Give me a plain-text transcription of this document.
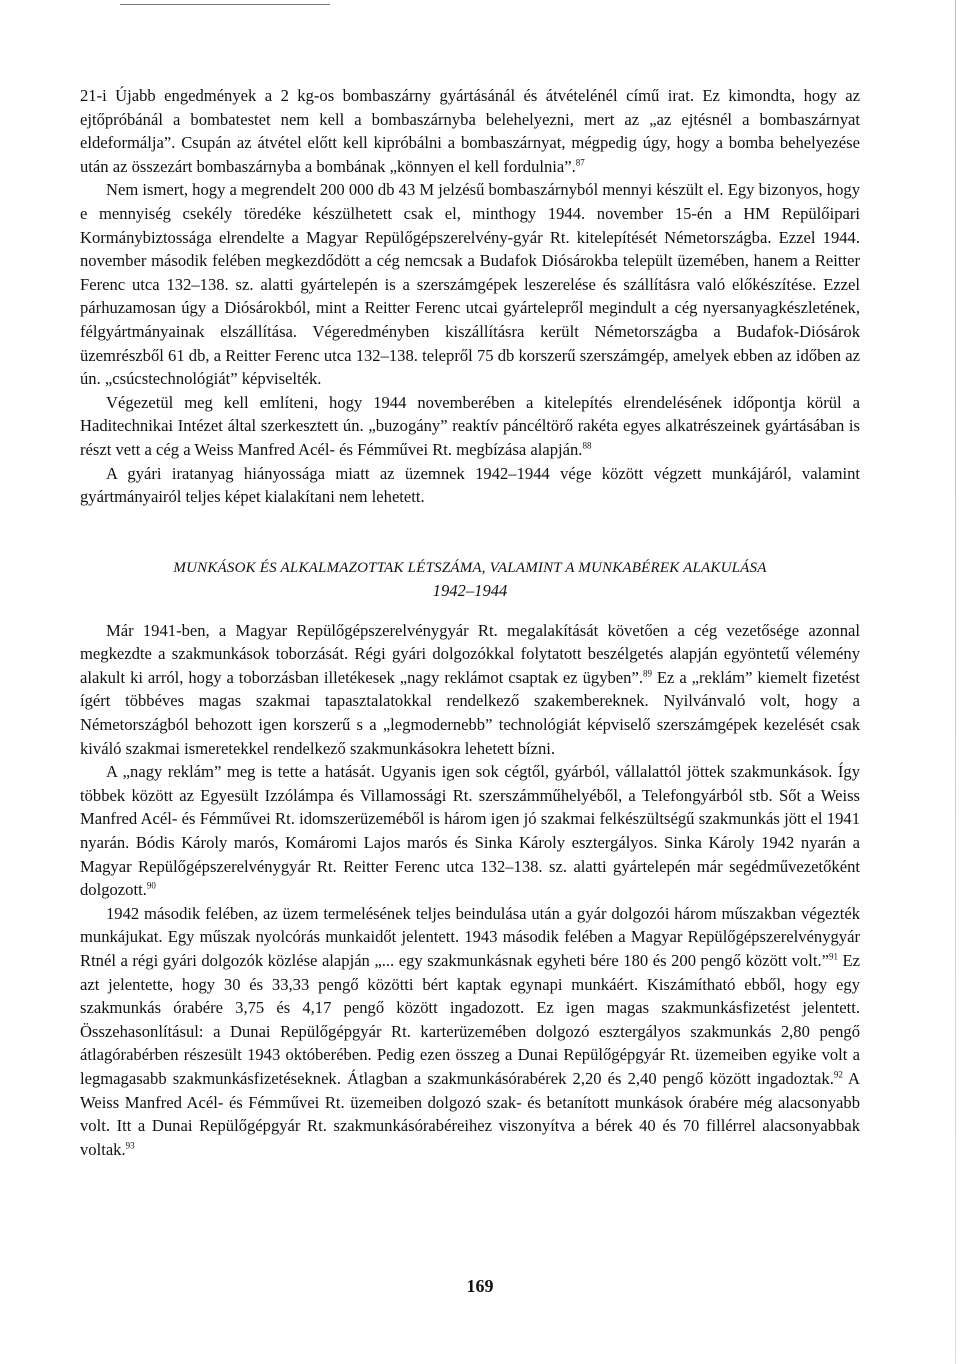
21-i Újabb engedmények a 2 kg-os bombaszárny gyártásánál és átvételénél című irat. Ez kimondta, hogy az ejtőpróbánál a bombatestet nem kell a bombaszárnyba belehelyezni, mert az „az ejtésnél a bombaszárnyat eldeformálja”. Csupán az átvétel előtt kell kipróbálni a bombaszárnyat, mégpedig úgy, hogy a bomba behelyezése után az összezárt bombaszárnyba a bombának „könnyen el kell fordulnia”.$^{87}$

Nem ismert, hogy a megrendelt 200 000 db 43 M jelzésű bombaszárnyból mennyi készült el. Egy bizonyos, hogy e mennyiség csekély töredéke készülhetett csak el, minthogy 1944. november 15-én a HM Repülőipari Kormánybiztossága elrendelte a Magyar Repülőgépszerelvény-gyár Rt. kitelepítését Németországba. Ezzel 1944. november második felében megkezdődött a cég nemcsak a Budafok Diósárokba települt üzemében, hanem a Reitter Ferenc utca 132–138. sz. alatti gyártelepén is a szerszámgépek leszerelése és szállításra való előkészítése. Ezzel párhuzamosan úgy a Diósárokból, mint a Reitter Ferenc utcai gyártelepről megindult a cég nyersanyagkészletének, félgyártmányainak elszállítása. Végeredményben kiszállításra került Németországba a Budafok-Diósárok üzemrészből 61 db, a Reitter Ferenc utca 132–138. telepről 75 db korszerű szerszámgép, amelyek ebben az időben az ún. „csúcstechnológiát” képviselték.

Végezetül meg kell említeni, hogy 1944 novemberében a kitelepítés elrendelésének időpontja körül a Haditechnikai Intézet által szerkesztett ún. „buzogány” reaktív páncéltörő rakéta egyes alkatrészeinek gyártásában is részt vett a cég a Weiss Manfred Acél- és Fémművei Rt. megbízása alapján.$^{88}$

A gyári iratanyag hiányossága miatt az üzemnek 1942–1944 vége között végzett munkájáról, valamint gyártmányairól teljes képet kialakítani nem lehetett.

MUNKÁSOK ÉS ALKALMAZOTTAK LÉTSZÁMA, VALAMINT A MUNKABÉREK ALAKULÁSA
1942–1944

Már 1941-ben, a Magyar Repülőgépszerelvénygyár Rt. megalakítását követően a cég vezetősége azonnal megkezdte a szakmunkások toborzását. Régi gyári dolgozókkal folytatott beszélgetés alapján egyöntetű vélemény alakult ki arról, hogy a toborzásban illetékesek „nagy reklámot csaptak ez ügyben”.$^{89}$ Ez a „reklám” kiemelt fizetést ígért többéves magas szakmai tapasztalatokkal rendelkező szakembereknek. Nyilvánvaló volt, hogy a Németországból behozott igen korszerű s a „legmodernebb” technológiát képviselő szerszámgépek kezelését csak kiváló szakmai ismeretekkel rendelkező szakmunkásokra lehetett bízni.

A „nagy reklám” meg is tette a hatását. Ugyanis igen sok cégtől, gyárból, vállalattól jöttek szakmunkások. Így többek között az Egyesült Izzólámpa és Villamossági Rt. szerszámműhelyéből, a Telefongyárból stb. Sőt a Weiss Manfred Acél- és Fémművei Rt. idomszerüzeméből is három igen jó szakmai felkészültségű szakmunkás jött el 1941 nyarán. Bódis Károly marós, Komáromi Lajos marós és Sinka Károly esztergályos. Sinka Károly 1942 nyarán a Magyar Repülőgépszerelvénygyár Rt. Reitter Ferenc utca 132–138. sz. alatti gyártelepén már segédművezetőként dolgozott.$^{90}$

1942 második felében, az üzem termelésének teljes beindulása után a gyár dolgozói három műszakban végezték munkájukat. Egy műszak nyolcórás munkaidőt jelentett. 1943 második felében a Magyar Repülőgépszerelvénygyár Rtnél a régi gyári dolgozók közlése alapján „... egy szakmunkásnak egyheti bére 180 és 200 pengő között volt.”$^{91}$ Ez azt jelentette, hogy 30 és 33,33 pengő közötti bért kaptak egynapi munkáért. Kiszámítható ebből, hogy egy szakmunkás órabére 3,75 és 4,17 pengő között ingadozott. Ez igen magas szakmunkásfizetést jelentett. Összehasonlításul: a Dunai Repülőgépgyár Rt. karterüzemében dolgozó esztergályos szakmunkás 2,80 pengő átlagórabérben részesült 1943 októberében. Pedig ezen összeg a Dunai Repülőgépgyár Rt. üzemeiben egyike volt a legmagasabb szakmunkásfizetéseknek. Átlagban a szakmunkásórabérek 2,20 és 2,40 pengő között ingadoztak.$^{92}$ A Weiss Manfred Acél- és Fémművei Rt. üzemeiben dolgozó szak- és betanított munkások órabére még alacsonyabb volt. Itt a Dunai Repülőgépgyár Rt. szakmunkásórabéreihez viszonyítva a bérek 40 és 70 fillérrel alacsonyabbak voltak.$^{93}$

169
